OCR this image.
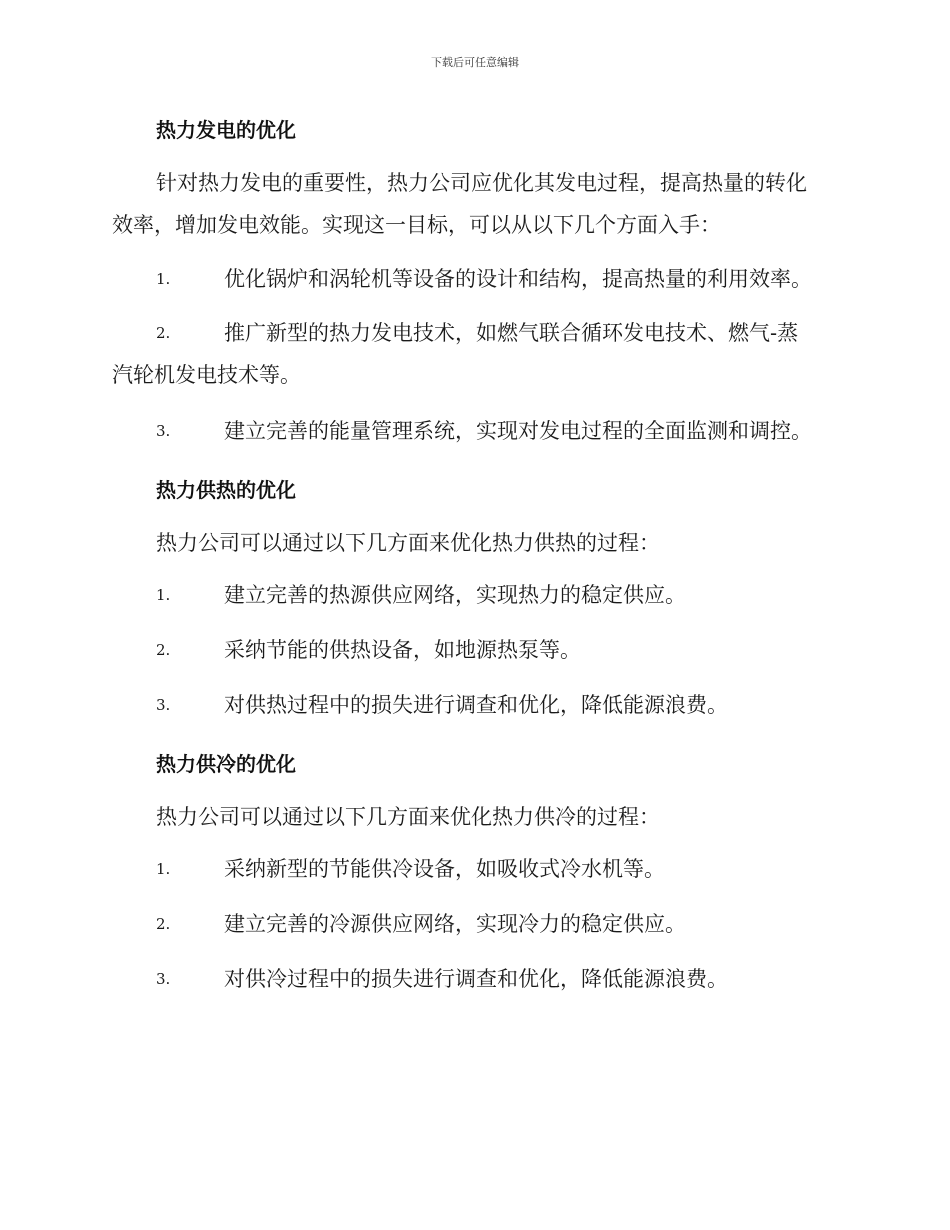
下载后可任意编辑
热力发电的优化
针对热力发电的重要性，热力公司应优化其发电过程，提高热量的转化
效率，增加发电效能。实现这一目标，可以从以下几个方面入手：
1.	优化锅炉和涡轮机等设备的设计和结构，提高热量的利用效率。
2.	推广新型的热力发电技术，如燃气联合循环发电技术、燃气-蒸
汽轮机发电技术等。
3.	建立完善的能量管理系统，实现对发电过程的全面监测和调控。
热力供热的优化
热力公司可以通过以下几方面来优化热力供热的过程：
1.	建立完善的热源供应网络，实现热力的稳定供应。
2.	采纳节能的供热设备，如地源热泵等。
3.	对供热过程中的损失进行调查和优化，降低能源浪费。
热力供冷的优化
热力公司可以通过以下几方面来优化热力供冷的过程：
1.	采纳新型的节能供冷设备，如吸收式冷水机等。
2.	建立完善的冷源供应网络，实现冷力的稳定供应。
3.	对供冷过程中的损失进行调查和优化，降低能源浪费。
